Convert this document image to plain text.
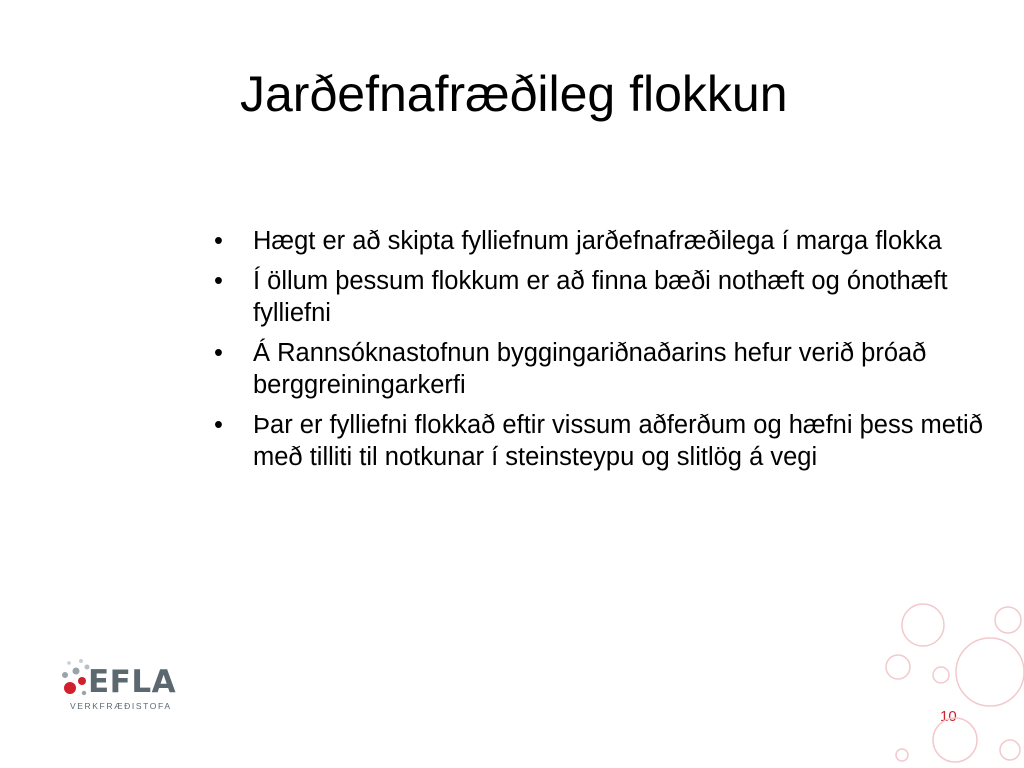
Jarðefnafræðileg flokkun
• Hægt er að skipta fylliefnum jarðefnafræðilega í marga flokka
• Í öllum þessum flokkum er að finna bæði nothæft og ónothæft fylliefni
• Á Rannsóknastofnun byggingariðnaðarins hefur verið þróað berggreiningarkerfi
• Þar er fylliefni flokkað eftir vissum aðferðum og hæfni þess metið með tilliti til notkunar í steinsteypu og slitlög á vegi
EFLA
VERKFRÆÐISTOFA
10
